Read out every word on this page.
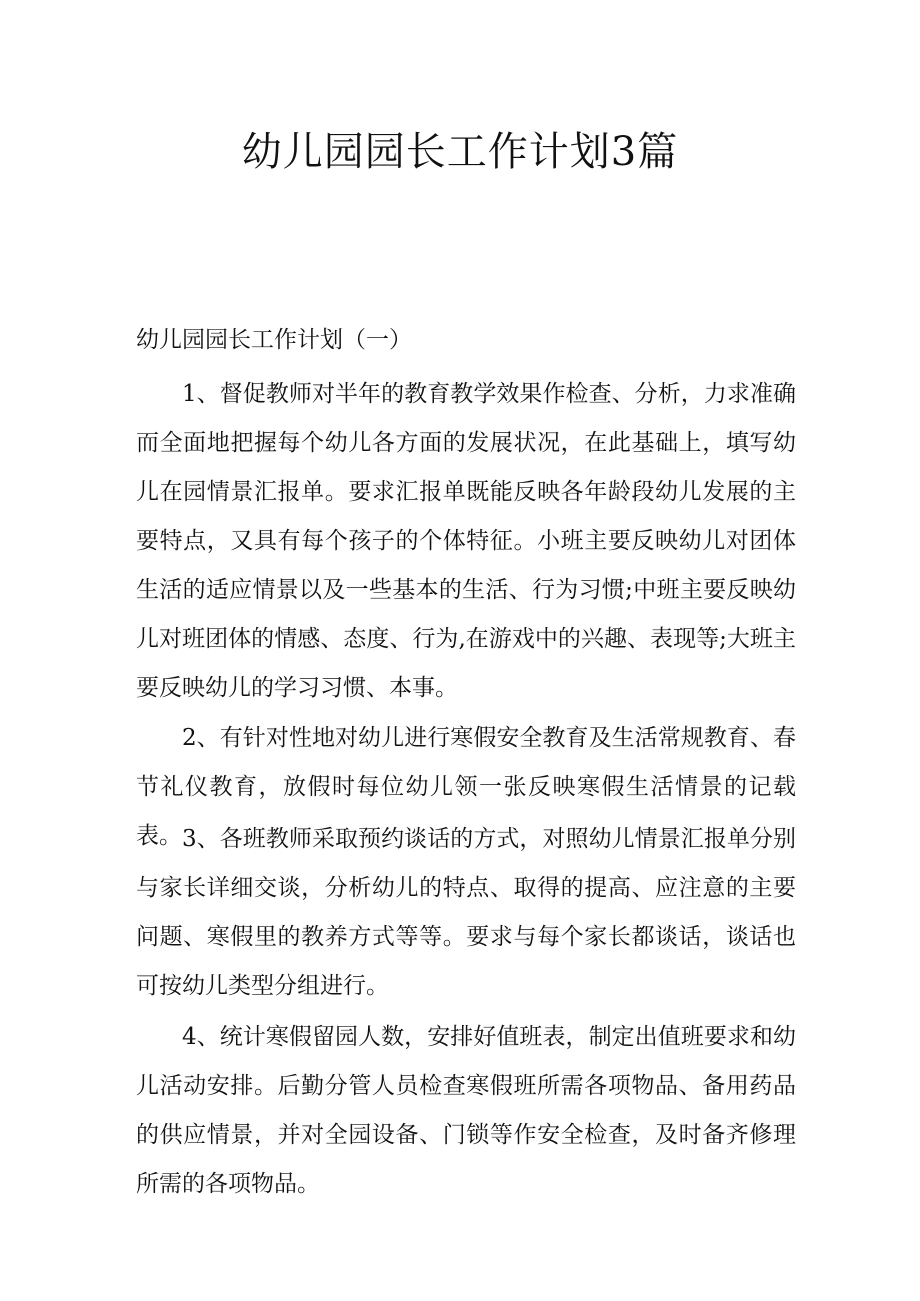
幼儿园园长工作计划3篇
幼儿园园长工作计划（一）

1、督促教师对半年的教育教学效果作检查、分析，力求准确而全面地把握每个幼儿各方面的发展状况，在此基础上，填写幼儿在园情景汇报单。要求汇报单既能反映各年龄段幼儿发展的主要特点，又具有每个孩子的个体特征。小班主要反映幼儿对团体生活的适应情景以及一些基本的生活、行为习惯;中班主要反映幼儿对班团体的情感、态度、行为,在游戏中的兴趣、表现等;大班主要反映幼儿的学习习惯、本事。

2、有针对性地对幼儿进行寒假安全教育及生活常规教育、春节礼仪教育，放假时每位幼儿领一张反映寒假生活情景的记载表。 3、各班教师采取预约谈话的方式，对照幼儿情景汇报单分别与家长详细交谈，分析幼儿的特点、取得的提高、应注意的主要问题、寒假里的教养方式等等。要求与每个家长都谈话，谈话也可按幼儿类型分组进行。

4、统计寒假留园人数，安排好值班表，制定出值班要求和幼儿活动安排。后勤分管人员检查寒假班所需各项物品、备用药品的供应情景，并对全园设备、门锁等作安全检查，及时备齐修理所需的各项物品。
